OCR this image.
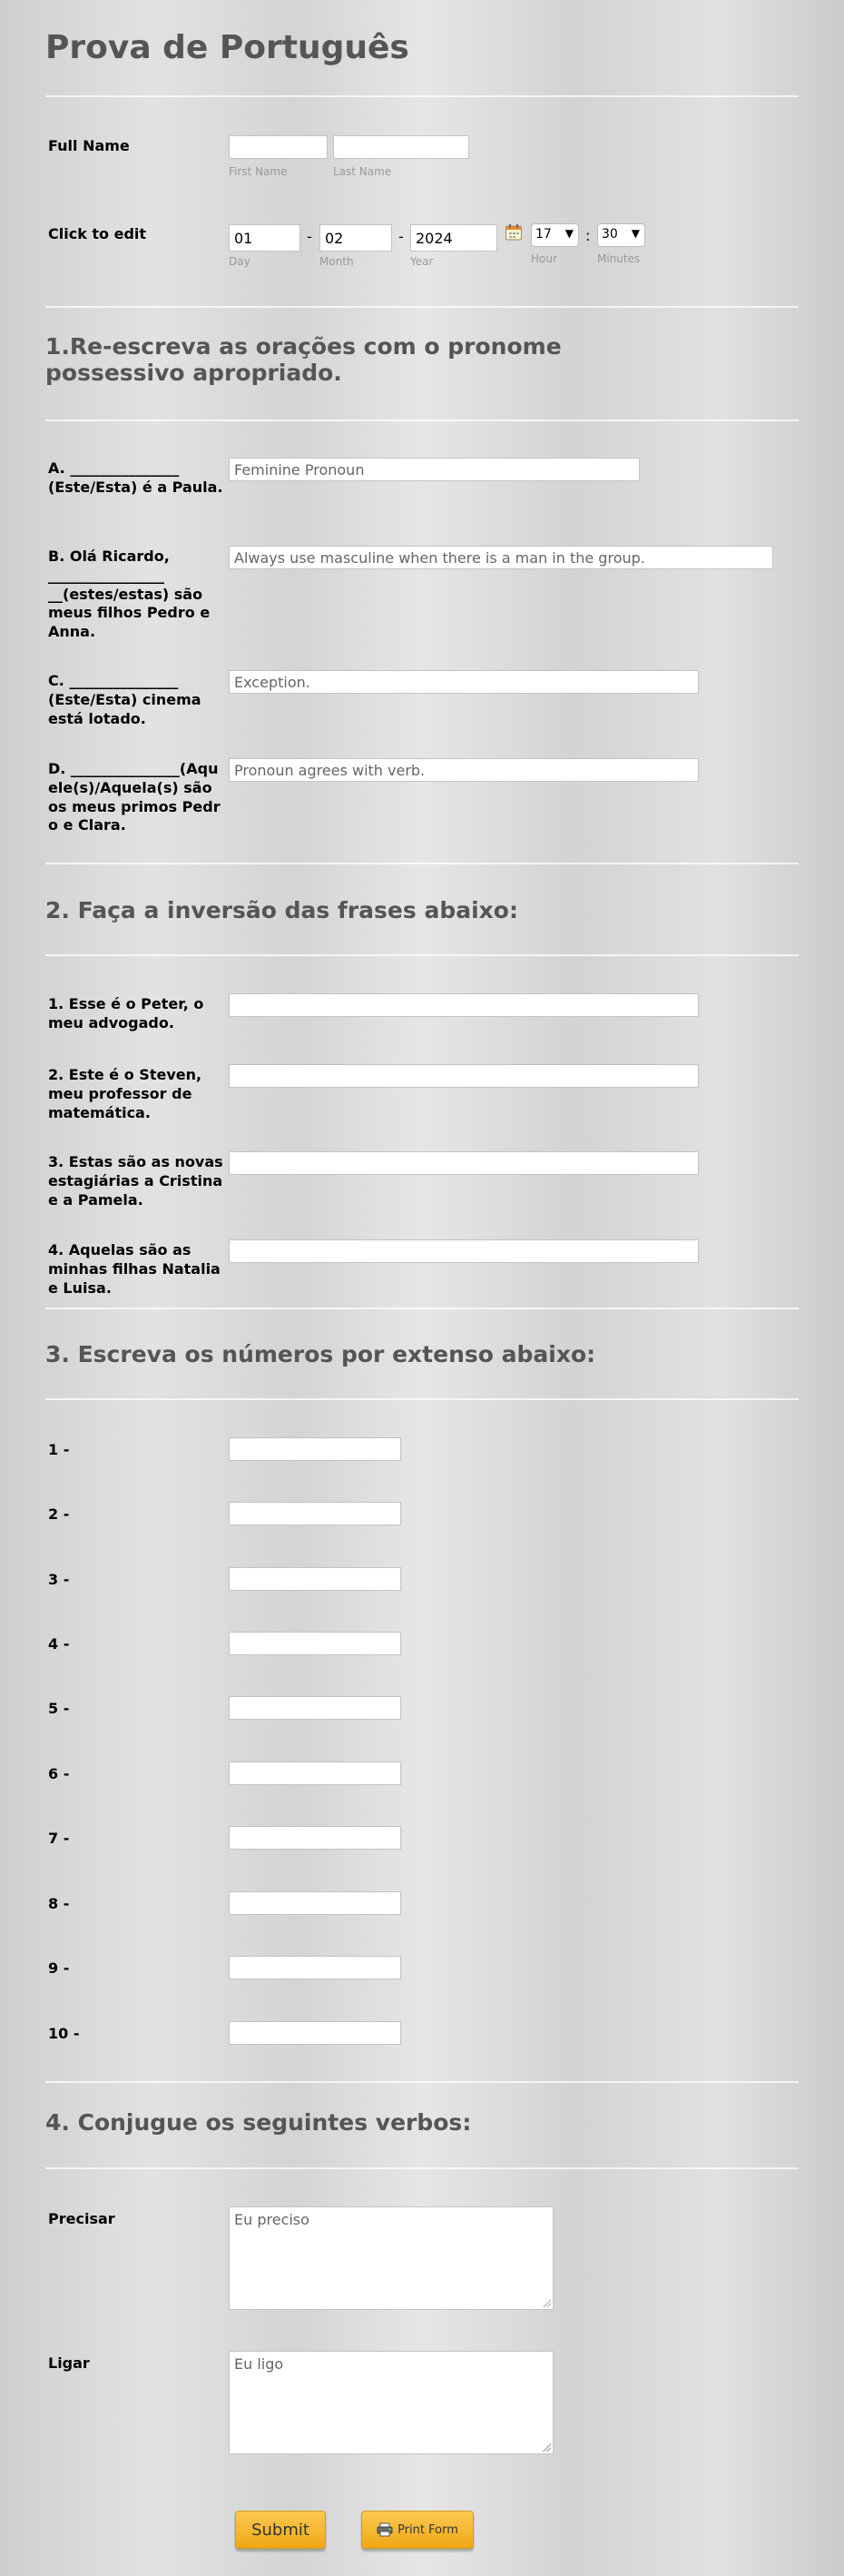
Prova de Português
Full Name
First Name	Last Name
Click to edit	01	- 02	- 2024
Day	Month	Year
17 ▼ : 30 ▼
Hour	Minutes
1.Re-escreva as orações com o pronome possessivo apropriado.
A. _______________ (Este/Esta) é a Paula.
Feminine Pronoun
B. Olá Ricardo, ________________ __(estes/estas) são meus filhos Pedro e Anna.
Always use masculine when there is a man in the group.
C. _______________ (Este/Esta) cinema está lotado.
Exception.
D. _______________(Aquele(s)/Aquela(s) são os meus primos Pedro e Clara.
Pronoun agrees with verb.
2. Faça a inversão das frases abaixo:
1. Esse é o Peter, o meu advogado.
2. Este é o Steven, meu professor de matemática.
3. Estas são as novas estagiárias a Cristina e a Pamela.
4. Aquelas são as minhas filhas Natalia e Luisa.
3. Escreva os números por extenso abaixo:
1 -
2 -
3 -
4 -
5 -
6 -
7 -
8 -
9 -
10 -
4. Conjugue os seguintes verbos:
Precisar	Eu preciso
Ligar	Eu ligo
Submit	Print Form
